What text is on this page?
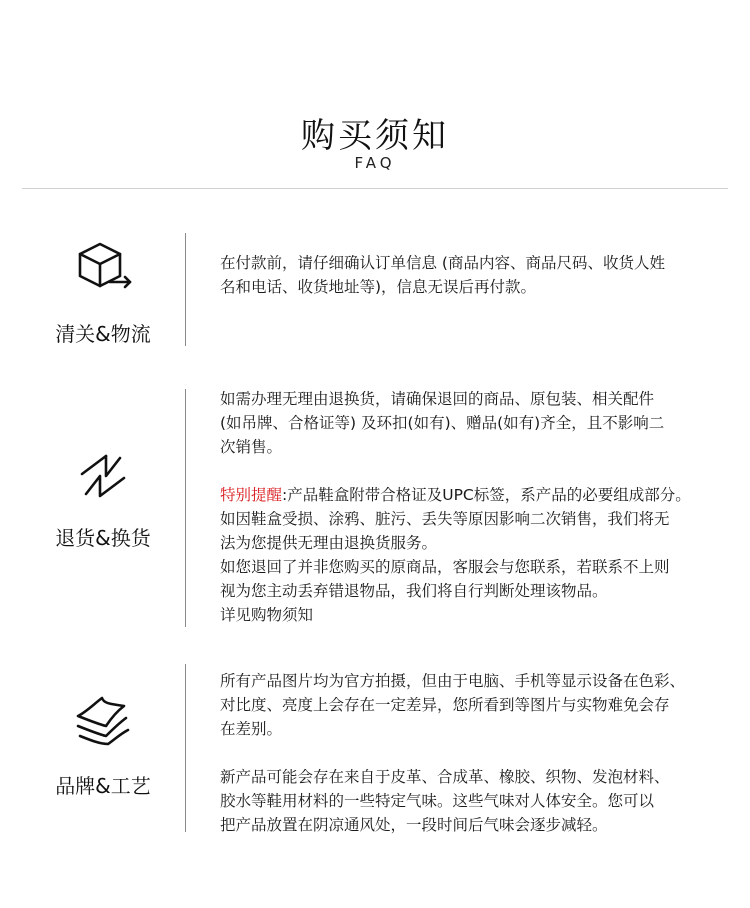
购买须知
FAQ
清关&物流

在付款前，请仔细确认订单信息 (商品内容、商品尺码、收货人姓

名和电话、收货地址等)，信息无误后再付款。

退货&换货

如需办理无理由退换货，请确保退回的商品、原包装、相关配件

(如吊牌、合格证等) 及环扣(如有)、赠品(如有)齐全，且不影响二

次销售。

特别提醒:产品鞋盒附带合格证及UPC标签，系产品的必要组成部分。

如因鞋盒受损、涂鸦、脏污、丢失等原因影响二次销售，我们将无

法为您提供无理由退换货服务。

如您退回了并非您购买的原商品，客服会与您联系，若联系不上则

视为您主动丢弃错退物品，我们将自行判断处理该物品。

详见购物须知

品牌&工艺

所有产品图片均为官方拍摄，但由于电脑、手机等显示设备在色彩、

对比度、亮度上会存在一定差异，您所看到等图片与实物难免会存

在差别。

新产品可能会存在来自于皮革、合成革、橡胶、织物、发泡材料、

胶水等鞋用材料的一些特定气味。这些气味对人体安全。您可以

把产品放置在阴凉通风处，一段时间后气味会逐步减轻。
